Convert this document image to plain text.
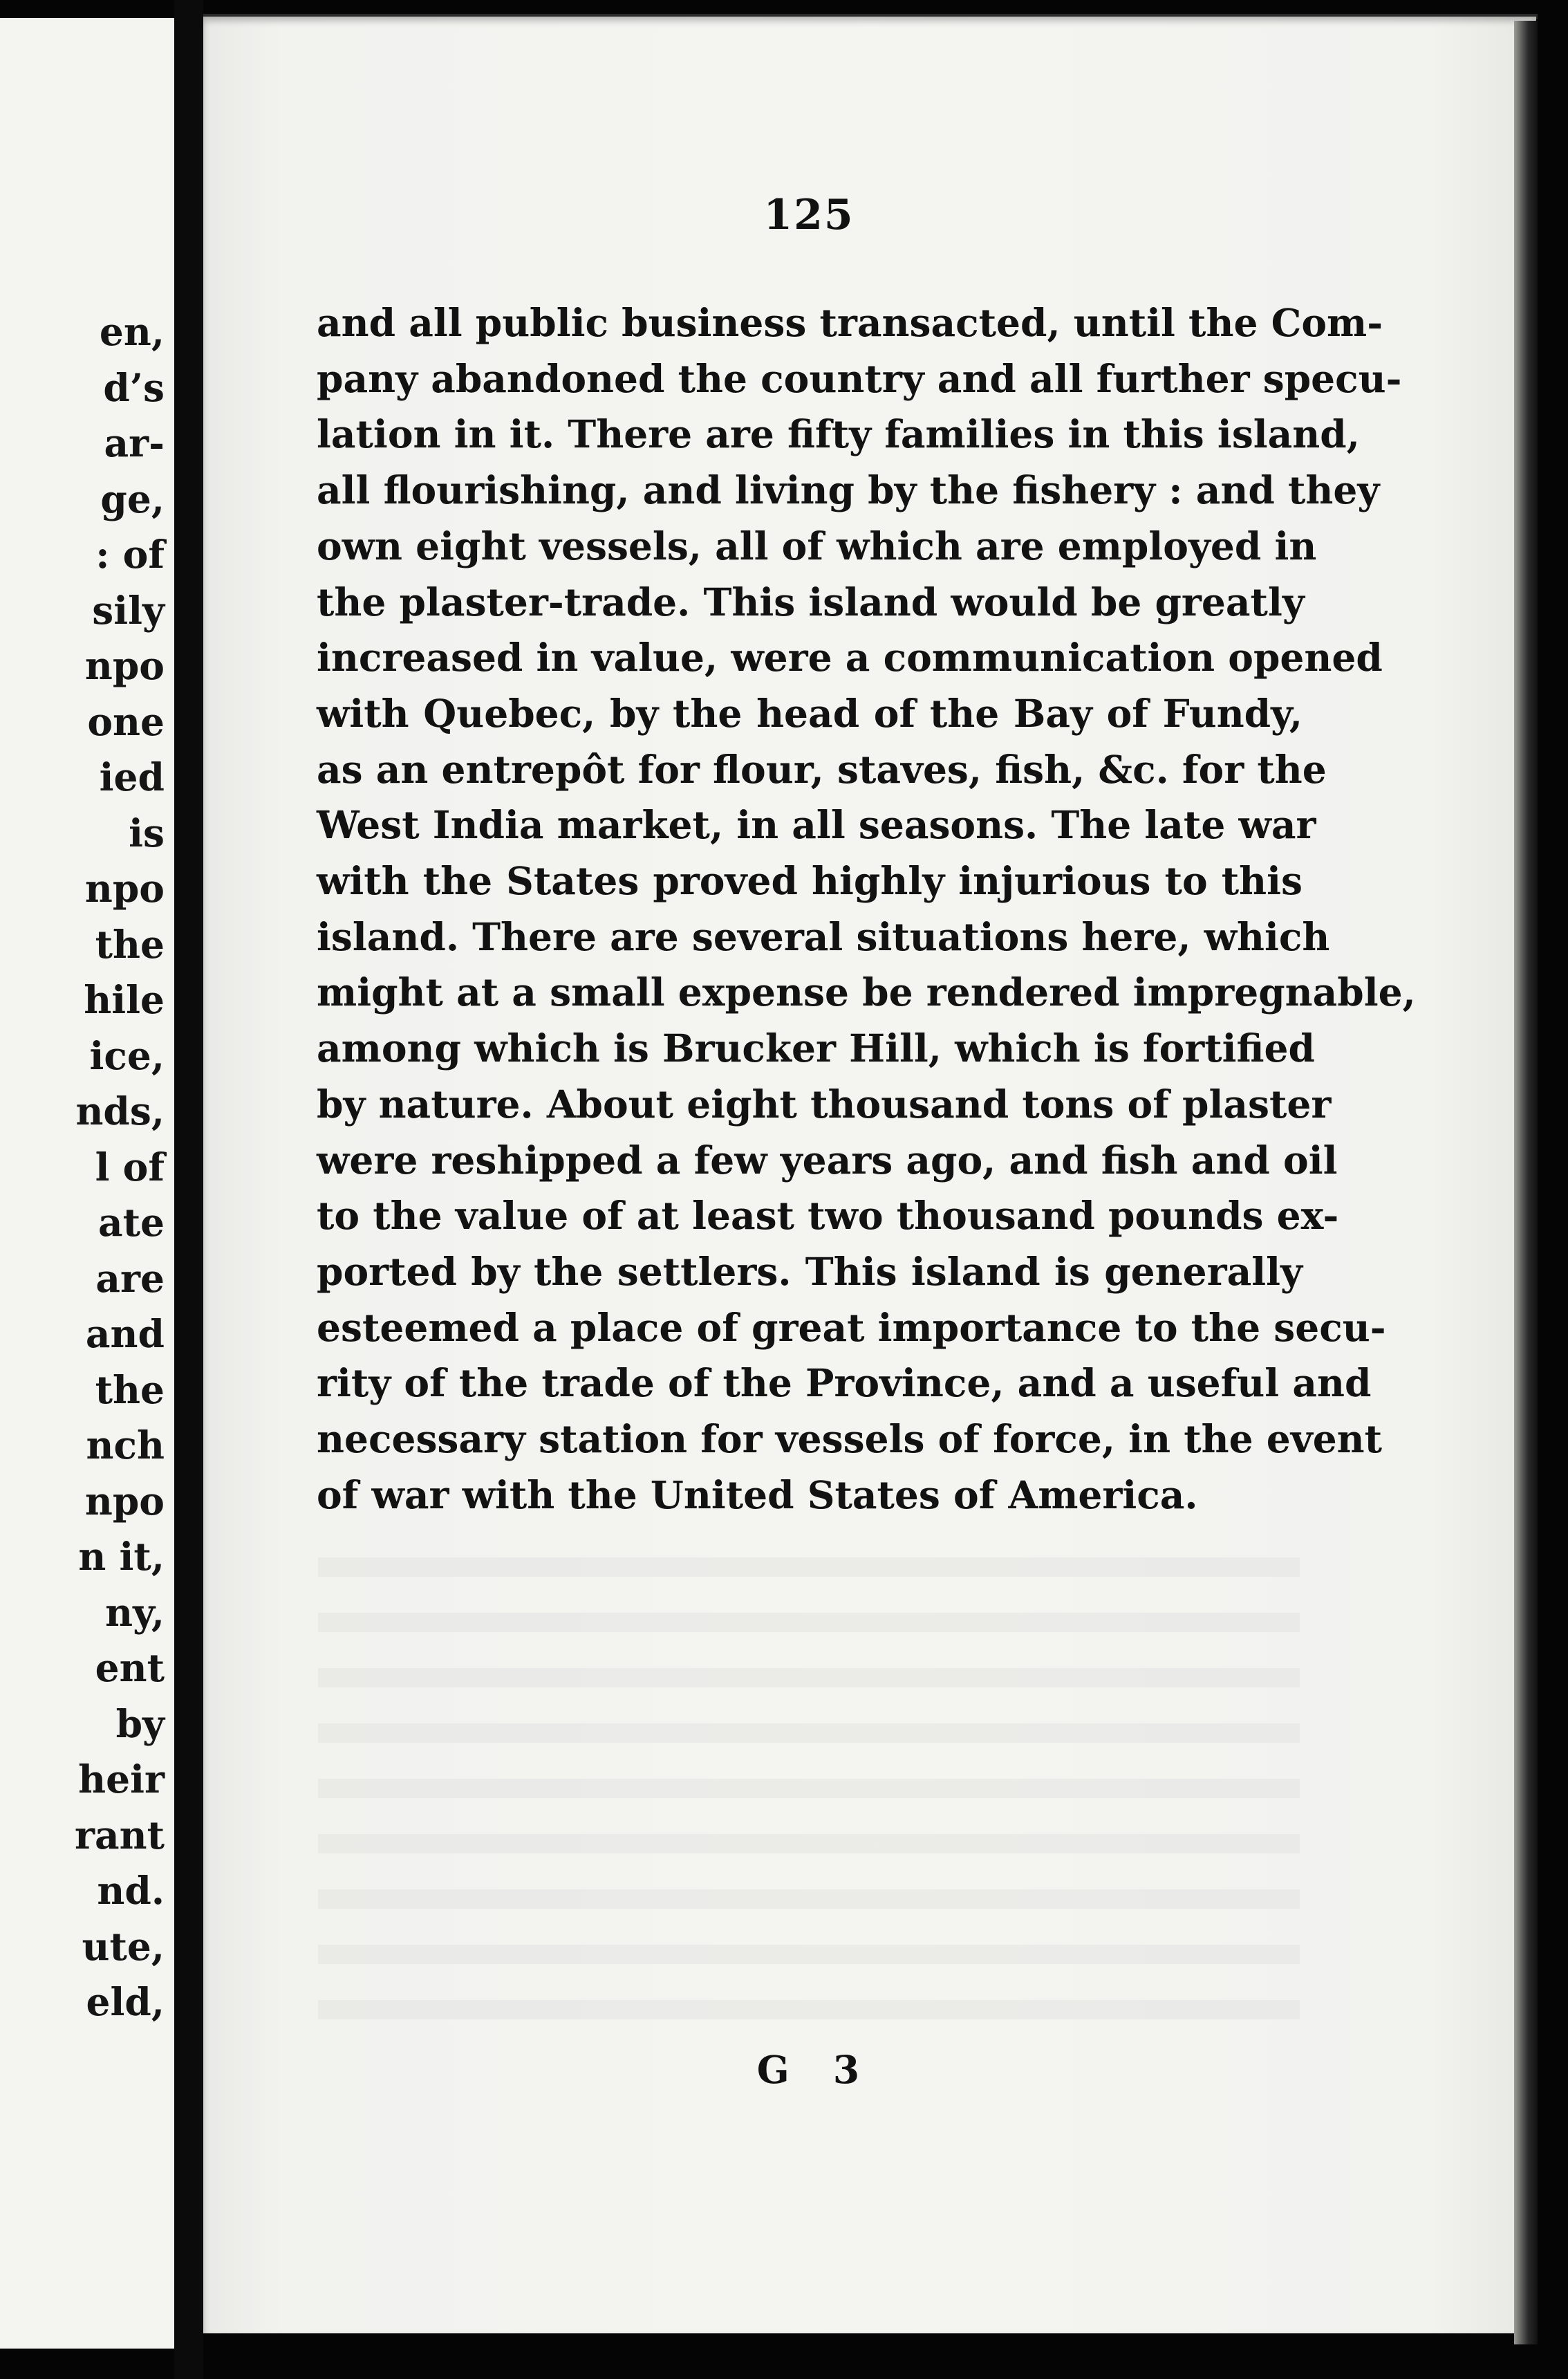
en,
d’s
ar-
ge,
: of
sily
npo
one
ied
is
npo
the
hile
ice,
nds,
l of
ate
are
and
the
nch
npo
n it,
ny,
ent
by
heir
rant
nd.
ute,
eld,
125

and all public business transacted, until the Com-
pany abandoned the country and all further specu-
lation in it. There are fifty families in this island,
all flourishing, and living by the fishery : and they
own eight vessels, all of which are employed in
the plaster-trade. This island would be greatly
increased in value, were a communication opened
with Quebec, by the head of the Bay of Fundy,
as an entrepôt for flour, staves, fish, &c. for the
West India market, in all seasons. The late war
with the States proved highly injurious to this
island. There are several situations here, which
might at a small expense be rendered impregnable,
among which is Brucker Hill, which is fortified
by nature. About eight thousand tons of plaster
were reshipped a few years ago, and fish and oil
to the value of at least two thousand pounds ex-
ported by the settlers. This island is generally
esteemed a place of great importance to the secu-
rity of the trade of the Province, and a useful and
necessary station for vessels of force, in the event
of war with the United States of America.

G 3
